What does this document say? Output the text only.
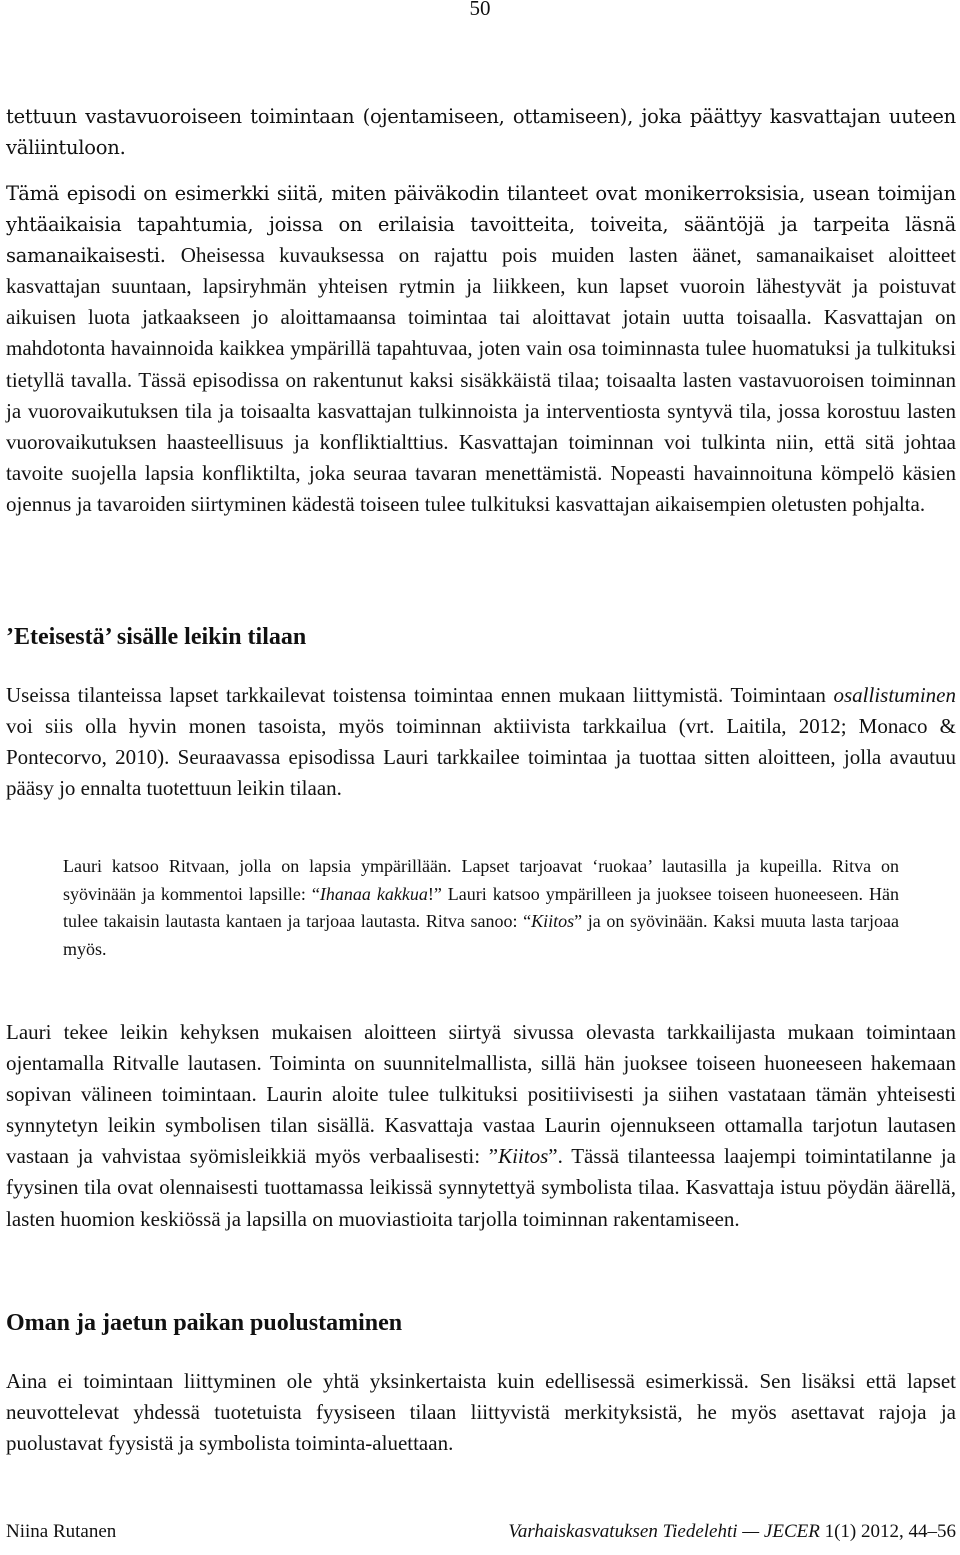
50

tettuun vastavuoroiseen toimintaan (ojentamiseen, ottamiseen), joka päättyy kasvattajan uuteen väliintuloon.

Tämä episodi on esimerkki siitä, miten päiväkodin tilanteet ovat monikerroksisia, usean toimijan yhtäaikaisia tapahtumia, joissa on erilaisia tavoitteita, toiveita, sääntöjä ja tarpeita läsnä samanaikaisesti. Oheisessa kuvauksessa on rajattu pois muiden lasten äänet, samanaikaiset aloitteet kasvattajan suuntaan, lapsiryhmän yhteisen rytmin ja liikkeen, kun lapset vuoroin lähestyvät ja poistuvat aikuisen luota jatkaakseen jo aloittamaansa toimintaa tai aloittavat jotain uutta toisaalla. Kasvattajan on mahdotonta havainnoida kaikkea ympärillä tapahtuvaa, joten vain osa toiminnasta tulee huomatuksi ja tulkituksi tietyllä tavalla. Tässä episodissa on rakentunut kaksi sisäkkäistä tilaa; toisaalta lasten vastavuoroisen toiminnan ja vuorovaikutuksen tila ja toisaalta kasvattajan tulkinnoista ja interventiosta syntyvä tila, jossa korostuu lasten vuorovaikutuksen haasteellisuus ja konfliktialttius. Kasvattajan toiminnan voi tulkinta niin, että sitä johtaa tavoite suojella lapsia konfliktilta, joka seuraa tavaran menettämistä. Nopeasti havainnoituna kömpelö käsien ojennus ja tavaroiden siirtyminen kädestä toiseen tulee tulkituksi kasvattajan aikaisempien oletusten pohjalta.

’Eteisestä’ sisälle leikin tilaan

Useissa tilanteissa lapset tarkkailevat toistensa toimintaa ennen mukaan liittymistä. Toimintaan osallistuminen voi siis olla hyvin monen tasoista, myös toiminnan aktiivista tarkkailua (vrt. Laitila, 2012; Monaco & Pontecorvo, 2010). Seuraavassa episodissa Lauri tarkkailee toimintaa ja tuottaa sitten aloitteen, jolla avautuu pääsy jo ennalta tuotettuun leikin tilaan.

Lauri katsoo Ritvaan, jolla on lapsia ympärillään. Lapset tarjoavat ‘ruokaa’ lautasilla ja kupeilla. Ritva on syövinään ja kommentoi lapsille: “Ihanaa kakkua!” Lauri katsoo ympärilleen ja juoksee toiseen huoneeseen. Hän tulee takaisin lautasta kantaen ja tarjoaa lautasta. Ritva sanoo: “Kiitos” ja on syövinään. Kaksi muuta lasta tarjoaa myös.

Lauri tekee leikin kehyksen mukaisen aloitteen siirtyä sivussa olevasta tarkkailijasta mukaan toimintaan ojentamalla Ritvalle lautasen. Toiminta on suunnitelmallista, sillä hän juoksee toiseen huoneeseen hakemaan sopivan välineen toimintaan. Laurin aloite tulee tulkituksi positiivisesti ja siihen vastataan tämän yhteisesti synnytetyn leikin symbolisen tilan sisällä. Kasvattaja vastaa Laurin ojennukseen ottamalla tarjotun lautasen vastaan ja vahvistaa syömisleikkiä myös verbaalisesti: ”Kiitos”. Tässä tilanteessa laajempi toimintatilanne ja fyysinen tila ovat olennaisesti tuottamassa leikissä synnytettyä symbolista tilaa. Kasvattaja istuu pöydän äärellä, lasten huomion keskiössä ja lapsilla on muoviastioita tarjolla toiminnan rakentamiseen.

Oman ja jaetun paikan puolustaminen

Aina ei toimintaan liittyminen ole yhtä yksinkertaista kuin edellisessä esimerkissä. Sen lisäksi että lapset neuvottelevat yhdessä tuotetuista fyysiseen tilaan liittyvistä merkityksistä, he myös asettavat rajoja ja puolustavat fyysistä ja symbolista toiminta-aluettaan.

Niina Rutanen	Varhaiskasvatuksen Tiedelehti — JECER 1(1) 2012, 44–56
